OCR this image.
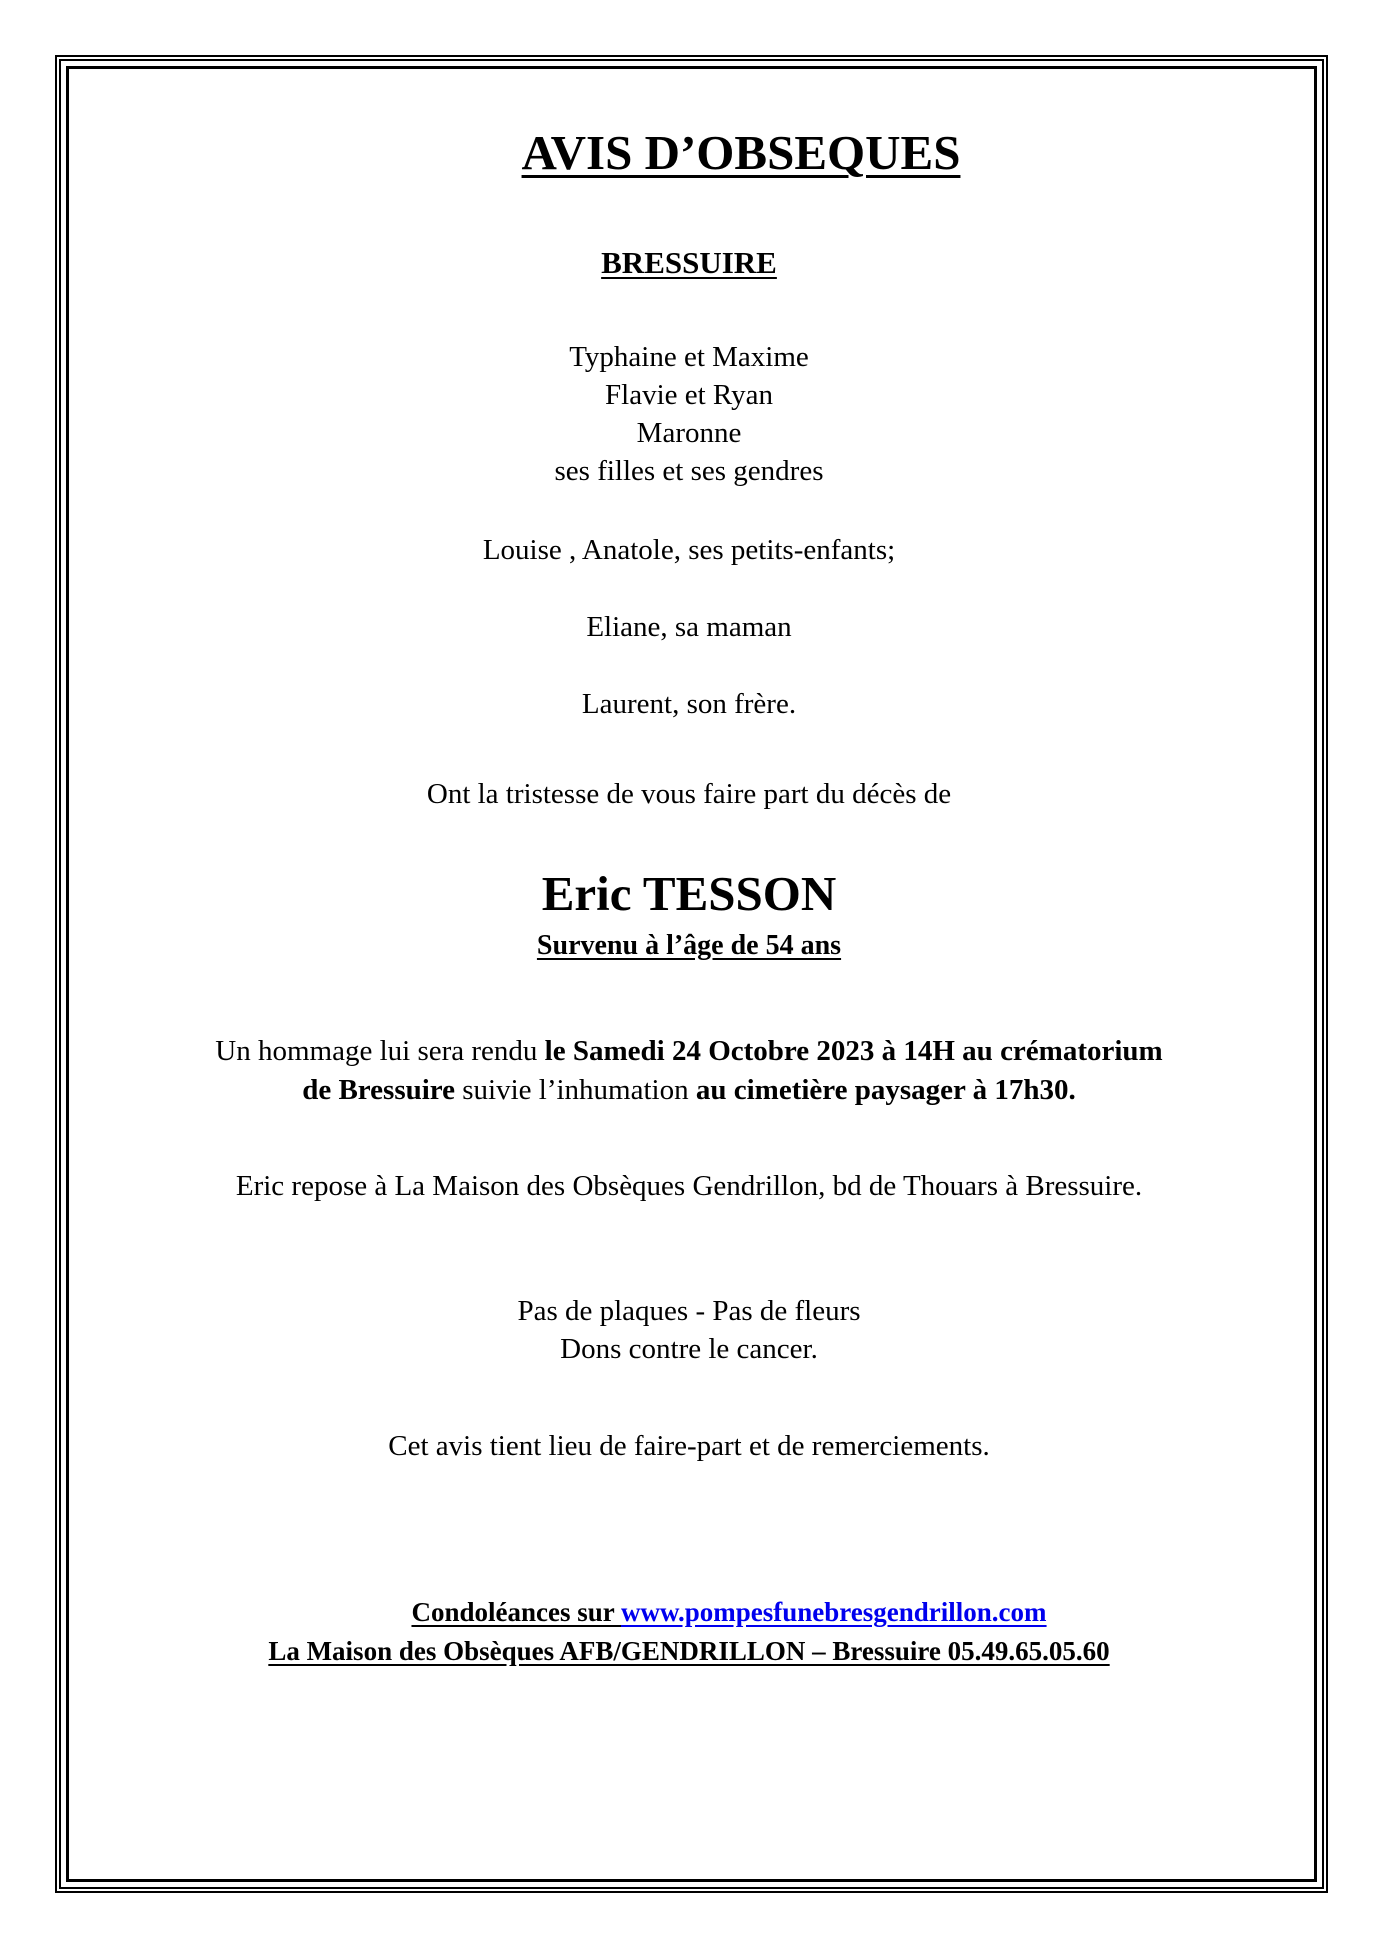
AVIS D’OBSEQUES
BRESSUIRE
Typhaine et Maxime
Flavie et Ryan
Maronne
ses filles et ses gendres
Louise , Anatole, ses petits-enfants;
Eliane, sa maman
Laurent, son frère.
Ont la tristesse de vous faire part du décès de
Eric TESSON
Survenu à l’âge de 54 ans
Un hommage lui sera rendu le Samedi 24 Octobre 2023 à 14H au crématorium
de Bressuire suivie l’inhumation au cimetière paysager à 17h30.
Eric repose à La Maison des Obsèques Gendrillon, bd de Thouars à Bressuire.
Pas de plaques - Pas de fleurs
Dons contre le cancer.
Cet avis tient lieu de faire-part et de remerciements.
Condoléances sur www.pompesfunebresgendrillon.com
La Maison des Obsèques AFB/GENDRILLON – Bressuire 05.49.65.05.60
